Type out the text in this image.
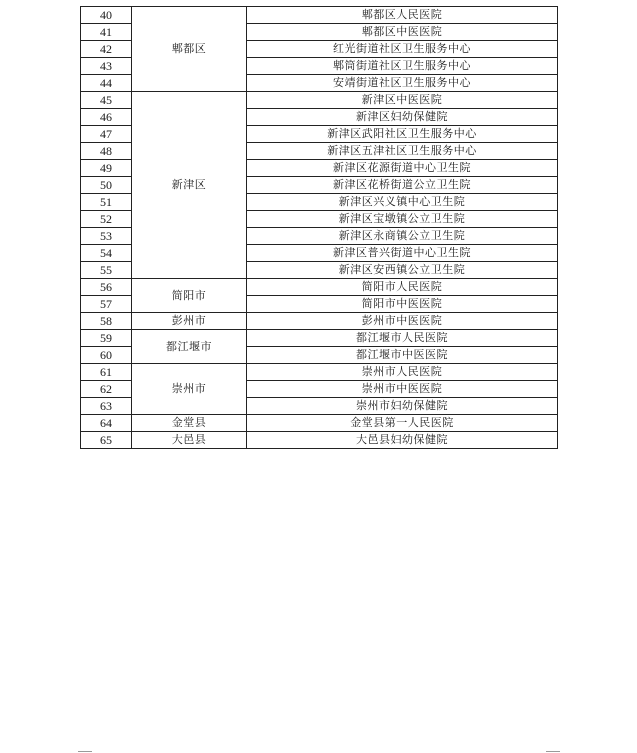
40	郫都区	郫都区人民医院
41		郫都区中医医院
42		红光街道社区卫生服务中心
43		郫筒街道社区卫生服务中心
44		安靖街道社区卫生服务中心
45	新津区	新津区中医医院
46		新津区妇幼保健院
47		新津区武阳社区卫生服务中心
48		新津区五津社区卫生服务中心
49		新津区花源街道中心卫生院
50		新津区花桥街道公立卫生院
51		新津区兴义镇中心卫生院
52		新津区宝墩镇公立卫生院
53		新津区永商镇公立卫生院
54		新津区普兴街道中心卫生院
55		新津区安西镇公立卫生院
56	简阳市	简阳市人民医院
57		简阳市中医医院
58	彭州市	彭州市中医医院
59	都江堰市	都江堰市人民医院
60		都江堰市中医医院
61	崇州市	崇州市人民医院
62		崇州市中医医院
63		崇州市妇幼保健院
64	金堂县	金堂县第一人民医院
65	大邑县	大邑县妇幼保健院
